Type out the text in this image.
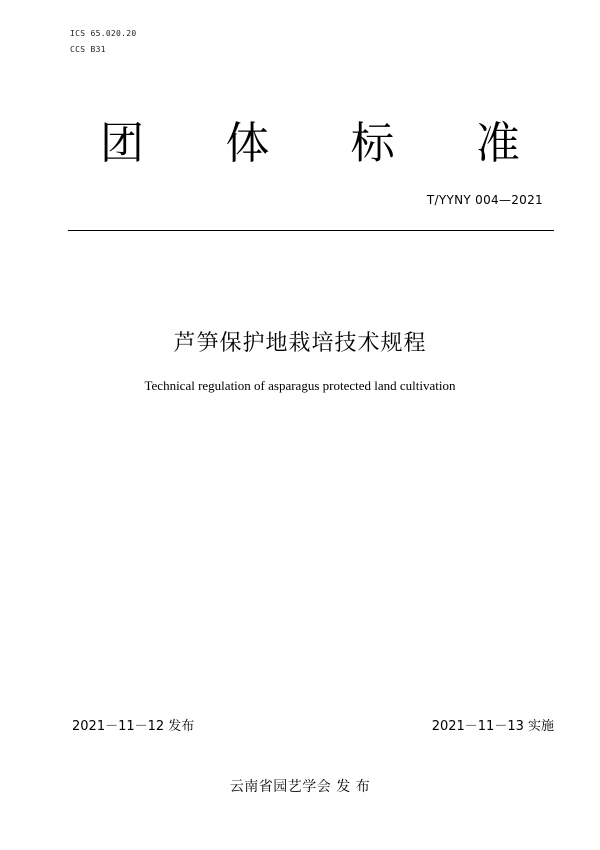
ICS 65.020.20
CCS B31
团 体 标 准
T/YYNY 004—2021
芦笋保护地栽培技术规程
Technical regulation of asparagus protected land cultivation
2021－11－12 发布	2021－11－13 实施
云南省园艺学会 发 布
